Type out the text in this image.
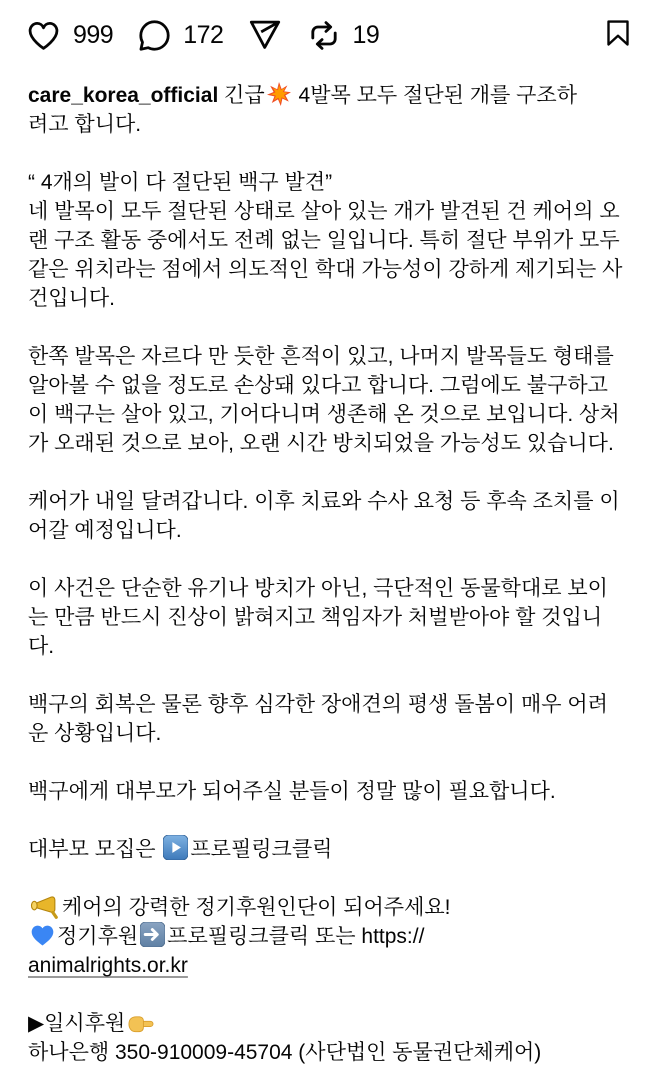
999	172	19
care_korea_official 긴급 4발목 모두 절단된 개를 구조하
려고 합니다.
“ 4개의 발이 다 절단된 백구 발견”
네 발목이 모두 절단된 상태로 살아 있는 개가 발견된 건 케어의 오
랜 구조 활동 중에서도 전례 없는 일입니다. 특히 절단 부위가 모두
같은 위치라는 점에서 의도적인 학대 가능성이 강하게 제기되는 사
건입니다.
한쪽 발목은 자르다 만 듯한 흔적이 있고, 나머지 발목들도 형태를
알아볼 수 없을 정도로 손상돼 있다고 합니다. 그럼에도 불구하고
이 백구는 살아 있고, 기어다니며 생존해 온 것으로 보입니다. 상처
가 오래된 것으로 보아, 오랜 시간 방치되었을 가능성도 있습니다.
케어가 내일 달려갑니다. 이후 치료와 수사 요청 등 후속 조치를 이
어갈 예정입니다.
이 사건은 단순한 유기나 방치가 아닌, 극단적인 동물학대로 보이
는 만큼 반드시 진상이 밝혀지고 책임자가 처벌받아야 할 것입니
다.
백구의 회복은 물론 향후 심각한 장애견의 평생 돌봄이 매우 어려
운 상황입니다.
백구에게 대부모가 되어주실 분들이 정말 많이 필요합니다.
대부모 모집은 프로필링크클릭
케어의 강력한 정기후원인단이 되어주세요!
정기후원 프로필링크클릭 또는 https://
animalrights.or.kr
▶일시후원
하나은행 350-910009-45704 (사단법인 동물권단체케어)
